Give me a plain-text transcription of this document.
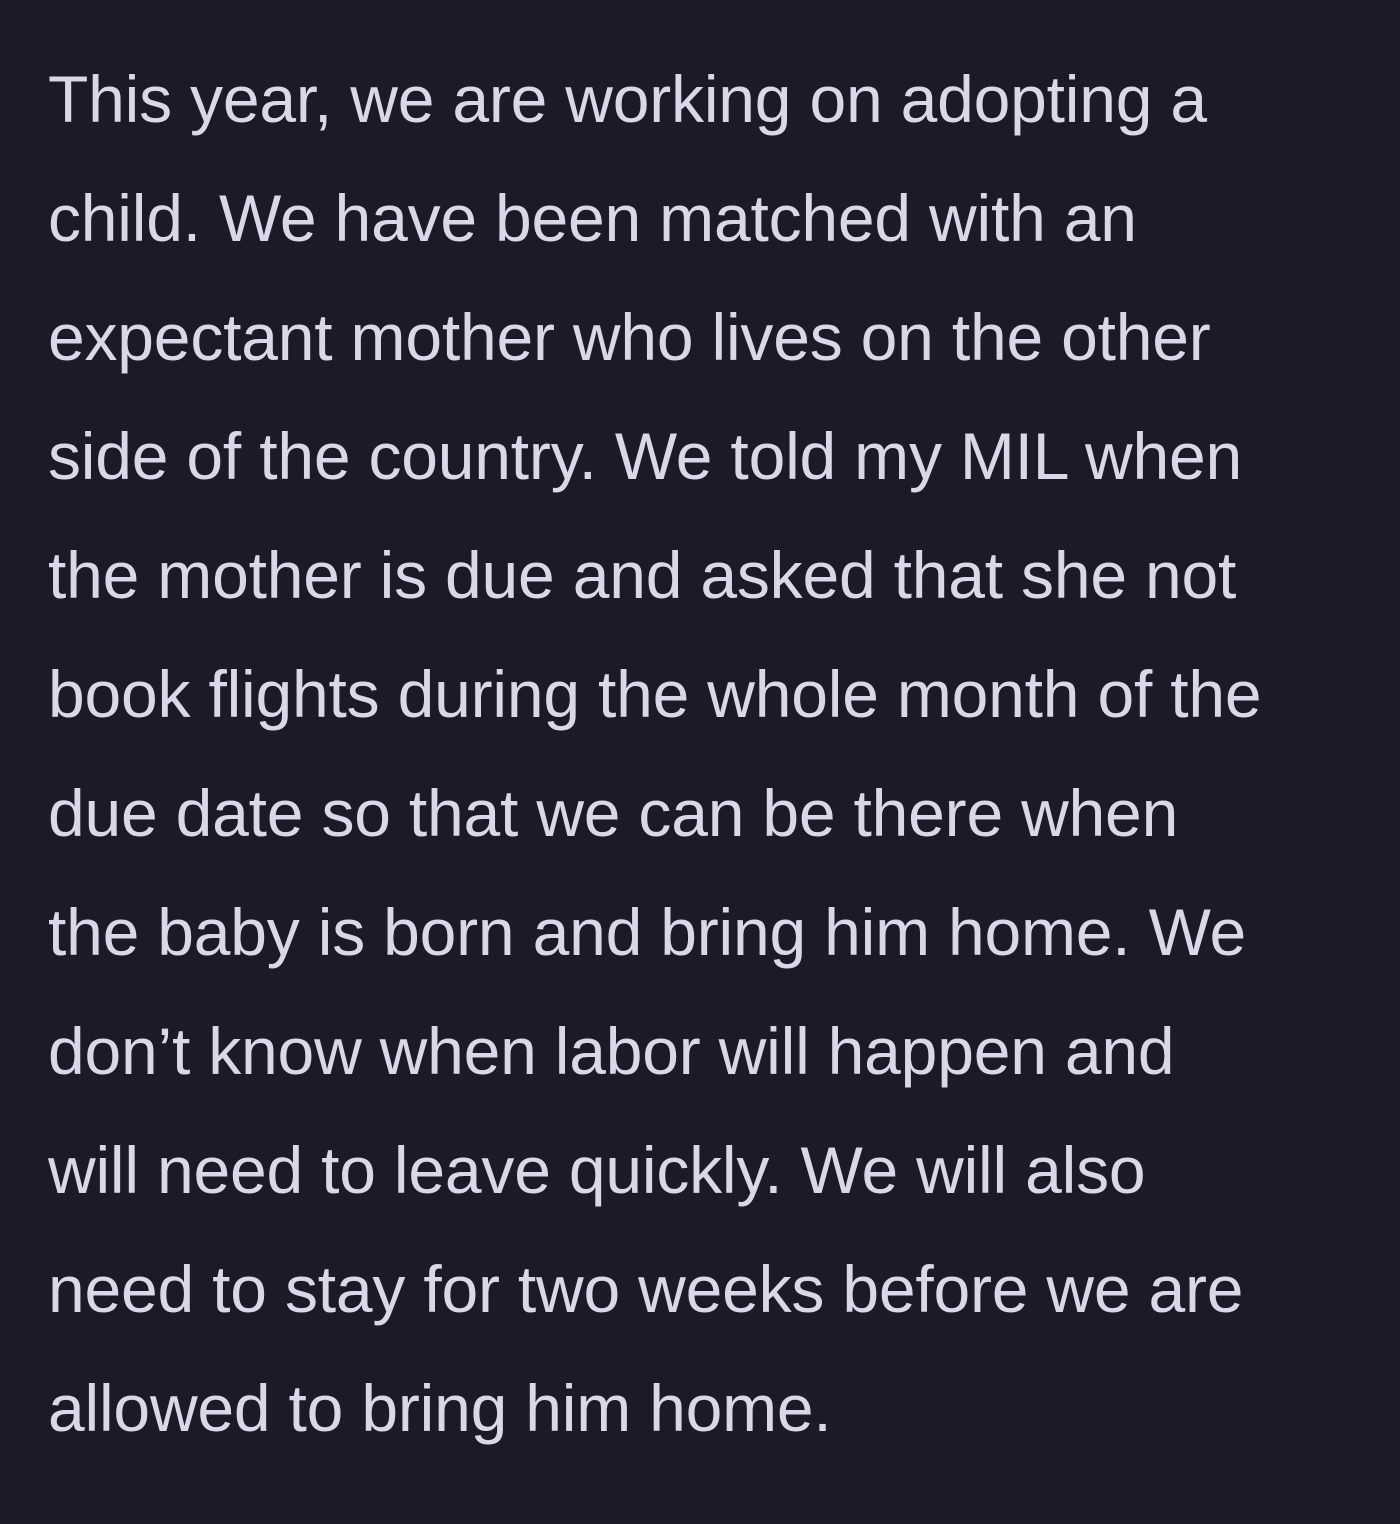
This year, we are working on adopting a
child. We have been matched with an
expectant mother who lives on the other
side of the country. We told my MIL when
the mother is due and asked that she not
book flights during the whole month of the
due date so that we can be there when
the baby is born and bring him home. We
don’t know when labor will happen and
will need to leave quickly. We will also
need to stay for two weeks before we are
allowed to bring him home.
